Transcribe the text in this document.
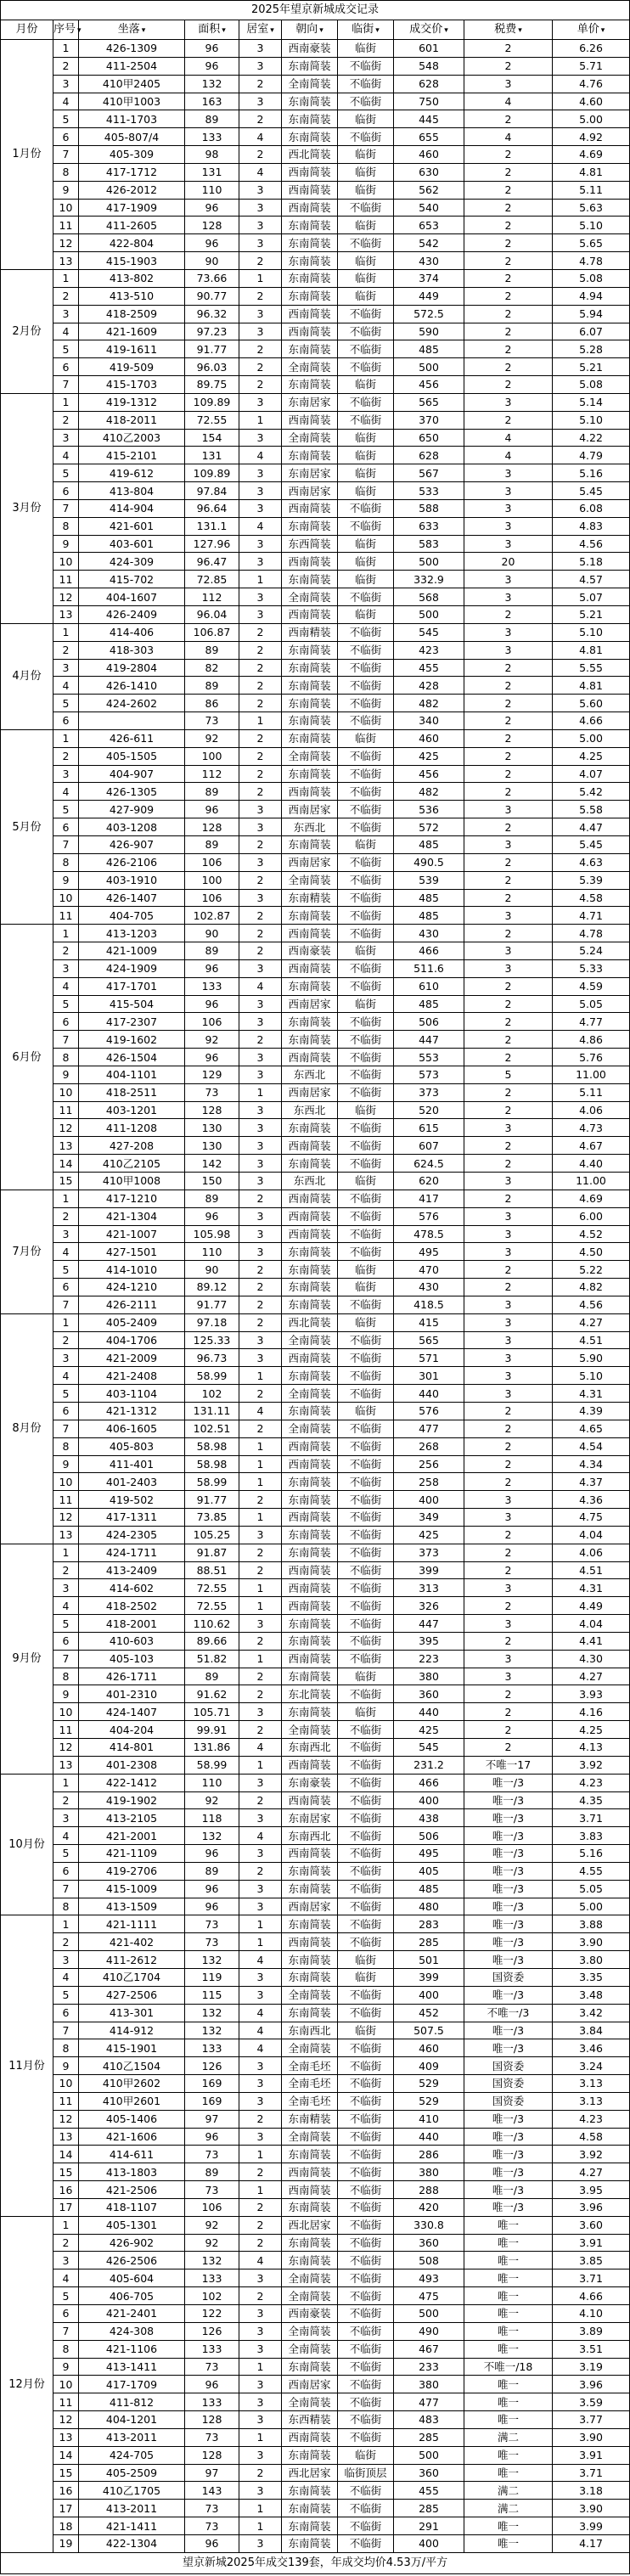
2025年望京新城成交记录									
月份	序号 ▾	坐落 ▾	面积 ▾	居室 ▾	朝向 ▾	临街 ▾	成交价 ▾	税费 ▾	单价 ▾
1月份	1	426-1309	96	3	西南豪装	临街	601	2	6.26
	2	411-2504	96	3	东南简装	不临街	548	2	5.71
	3	410甲2405	132	2	全南简装	不临街	628	3	4.76
	4	410甲1003	163	3	东南简装	不临街	750	4	4.60
	5	411-1703	89	2	东南简装	临街	445	2	5.00
	6	405-807/4	133	4	东南简装	不临街	655	4	4.92
	7	405-309	98	2	西北简装	临街	460	2	4.69
	8	417-1712	131	4	西南简装	临街	630	2	4.81
	9	426-2012	110	3	西南简装	临街	562	2	5.11
	10	417-1909	96	3	西南简装	不临街	540	2	5.63
	11	411-2605	128	3	东南简装	临街	653	2	5.10
	12	422-804	96	3	东南简装	不临街	542	2	5.65
	13	415-1903	90	2	东南简装	临街	430	2	4.78
2月份	1	413-802	73.66	1	东南简装	临街	374	2	5.08
	2	413-510	90.77	2	东南简装	临街	449	2	4.94
	3	418-2509	96.32	3	西南简装	不临街	572.5	2	5.94
	4	421-1609	97.23	3	西南简装	不临街	590	2	6.07
	5	419-1611	91.77	2	东南简装	不临街	485	2	5.28
	6	419-509	96.03	2	全南简装	不临街	500	2	5.21
	7	415-1703	89.75	2	东南简装	临街	456	2	5.08
3月份	1	419-1312	109.89	3	东南居家	不临街	565	3	5.14
	2	418-2011	72.55	1	西南简装	不临街	370	2	5.10
	3	410乙2003	154	3	全南简装	临街	650	4	4.22
	4	415-2101	131	4	东南简装	临街	628	4	4.79
	5	419-612	109.89	3	东南居家	临街	567	3	5.16
	6	413-804	97.84	3	西南居家	临街	533	3	5.45
	7	414-904	96.64	3	西南简装	不临街	588	3	6.08
	8	421-601	131.1	4	东南简装	不临街	633	3	4.83
	9	403-601	127.96	3	东西简装	临街	583	3	4.56
	10	424-309	96.47	3	西南简装	临街	500	20	5.18
	11	415-702	72.85	1	东南简装	临街	332.9	3	4.57
	12	404-1607	112	3	全南简装	不临街	568	3	5.07
	13	426-2409	96.04	3	西南简装	临街	500	2	5.21
4月份	1	414-406	106.87	2	西南精装	不临街	545	3	5.10
	2	418-303	89	2	东南简装	不临街	423	3	4.81
	3	419-2804	82	2	东南简装	不临街	455	2	5.55
	4	426-1410	89	2	东南简装	不临街	428	2	4.81
	5	424-2602	86	2	东南简装	不临街	482	2	5.60
	6		73	1	东南简装	不临街	340	2	4.66
5月份	1	426-611	92	2	东南简装	临街	460	2	5.00
	2	405-1505	100	2	全南简装	不临街	425	2	4.25
	3	404-907	112	2	东南简装	不临街	456	2	4.07
	4	426-1305	89	2	西南简装	不临街	482	2	5.42
	5	427-909	96	3	西南居家	不临街	536	3	5.58
	6	403-1208	128	3	东西北	不临街	572	2	4.47
	7	426-907	89	2	东南简装	临街	485	3	5.45
	8	426-2106	106	3	西南居家	不临街	490.5	2	4.63
	9	403-1910	100	2	全南简装	不临街	539	2	5.39
	10	426-1407	106	3	东南精装	不临街	485	2	4.58
	11	404-705	102.87	2	东南简装	不临街	485	3	4.71
6月份	1	413-1203	90	2	西南简装	不临街	430	2	4.78
	2	421-1009	89	2	西南豪装	临街	466	3	5.24
	3	424-1909	96	3	西南简装	不临街	511.6	3	5.33
	4	417-1701	133	4	东南简装	不临街	610	2	4.59
	5	415-504	96	3	西南居家	临街	485	2	5.05
	6	417-2307	106	3	东南简装	不临街	506	2	4.77
	7	419-1602	92	2	东南简装	不临街	447	2	4.86
	8	426-1504	96	3	西南简装	不临街	553	2	5.76
	9	404-1101	129	3	东西北	不临街	573	5	11.00
	10	418-2511	73	1	西南居家	不临街	373	2	5.11
	11	403-1201	128	3	东西北	临街	520	2	4.06
	12	411-1208	130	3	东南简装	不临街	615	3	4.73
	13	427-208	130	3	西南简装	不临街	607	2	4.67
	14	410乙2105	142	3	东南简装	不临街	624.5	2	4.40
	15	410甲1008	150	3	东西北	临街	620	3	11.00
7月份	1	417-1210	89	2	西南简装	不临街	417	2	4.69
	2	421-1304	96	3	西南简装	不临街	576	3	6.00
	3	421-1007	105.98	3	西南简装	不临街	478.5	3	4.52
	4	427-1501	110	3	东南简装	不临街	495	3	4.50
	5	414-1010	90	2	东南简装	临街	470	2	5.22
	6	424-1210	89.12	2	东南简装	临街	430	2	4.82
	7	426-2111	91.77	2	东南简装	不临街	418.5	3	4.56
8月份	1	405-2409	97.18	2	西北简装	临街	415	3	4.27
	2	404-1706	125.33	3	全南简装	不临街	565	3	4.51
	3	421-2009	96.73	3	西南简装	不临街	571	3	5.90
	4	421-2408	58.99	1	东南简装	不临街	301	3	5.10
	5	403-1104	102	2	全南简装	不临街	440	3	4.31
	6	421-1312	131.11	4	东南简装	临街	576	2	4.39
	7	406-1605	102.51	2	全南简装	不临街	477	2	4.65
	8	405-803	58.98	1	西南简装	不临街	268	2	4.54
	9	411-401	58.98	1	西南简装	不临街	256	2	4.34
	10	401-2403	58.99	1	东南简装	不临街	258	2	4.37
	11	419-502	91.77	2	东南简装	不临街	400	3	4.36
	12	417-1311	73.85	1	西南简装	不临街	349	3	4.75
	13	424-2305	105.25	3	东南简装	不临街	425	2	4.04
9月份	1	424-1711	91.87	2	东南简装	不临街	373	2	4.06
	2	413-2409	88.51	2	西南简装	不临街	399	2	4.51
	3	414-602	72.55	1	西南简装	不临街	313	3	4.31
	4	418-2502	72.55	1	西南简装	不临街	326	2	4.49
	5	418-2001	110.62	3	东南简装	不临街	447	3	4.04
	6	410-603	89.66	2	东南简装	不临街	395	2	4.41
	7	405-103	51.82	1	西南简装	不临街	223	3	4.30
	8	426-1711	89	2	东南简装	临街	380	3	4.27
	9	401-2310	91.62	2	东北简装	不临街	360	2	3.93
	10	424-1407	105.71	3	东南简装	临街	440	2	4.16
	11	404-204	99.91	2	全南简装	不临街	425	2	4.25
	12	414-801	131.86	4	东南西北	不临街	545	2	4.13
	13	401-2308	58.99	1	西南简装	不临街	231.2	不唯一17	3.92
10月份	1	422-1412	110	3	东南豪装	不临街	466	唯一/3	4.23
	2	419-1902	92	2	西南简装	不临街	400	唯一/3	4.35
	3	413-2105	118	3	东南居家	不临街	438	唯一/3	3.71
	4	421-2001	132	4	东南西北	不临街	506	唯一/3	3.83
	5	421-1109	96	3	西南简装	不临街	495	唯一/3	5.16
	6	419-2706	89	2	东南简装	不临街	405	唯一/3	4.55
	7	415-1009	96	3	东南简装	不临街	485	唯一/3	5.05
	8	413-1509	96	3	西南居家	不临街	480	唯一/3	5.00
11月份	1	421-1111	73	1	东南简装	不临街	283	唯一/3	3.88
	2	421-402	73	1	西南简装	不临街	285	唯一/3	3.90
	3	411-2612	132	4	东南简装	临街	501	唯一/3	3.80
	4	410乙1704	119	3	东南简装	临街	399	国资委	3.35
	5	427-2506	115	3	全南简装	不临街	400	唯一/3	3.48
	6	413-301	132	4	东南简装	不临街	452	不唯一/3	3.42
	7	414-912	132	4	东南西北	临街	507.5	唯一/3	3.84
	8	415-1901	133	4	全南简装	不临街	460	唯一/3	3.46
	9	410乙1504	126	3	全南毛坯	不临街	409	国资委	3.24
	10	410甲2602	169	3	全南毛坯	不临街	529	国资委	3.13
	11	410甲2601	169	3	全南毛坯	不临街	529	国资委	3.13
	12	405-1406	97	2	东南精装	不临街	410	唯一/3	4.23
	13	421-1606	96	3	全南简装	不临街	440	唯一/3	4.58
	14	414-611	73	1	东南简装	不临街	286	唯一/3	3.92
	15	413-1803	89	2	西南简装	不临街	380	唯一/3	4.27
	16	421-2506	73	1	西南简装	不临街	288	唯一/3	3.95
	17	418-1107	106	2	东南简装	不临街	420	唯一/3	3.96
12月份	1	405-1301	92	2	西北居家	不临街	330.8	唯一	3.60
	2	426-902	92	2	东南简装	不临街	360	唯一	3.91
	3	426-2506	132	4	东南简装	不临街	508	唯一	3.85
	4	405-604	133	3	全南简装	不临街	493	唯一	3.71
	5	406-705	102	2	全南简装	不临街	475	唯一	4.66
	6	421-2401	122	3	西南豪装	不临街	500	唯一	4.10
	7	424-308	126	3	全南简装	不临街	490	唯一	3.89
	8	421-1106	133	3	全南简装	不临街	467	唯一	3.51
	9	413-1411	73	1	东南简装	不临街	233	不唯一/18	3.19
	10	417-1709	96	3	西南居家	不临街	380	唯一	3.96
	11	411-812	133	3	全南简装	不临街	477	唯一	3.59
	12	404-1201	128	3	东西精装	不临街	483	唯一	3.77
	13	413-2011	73	1	西南简装	不临街	285	满二	3.90
	14	424-705	128	3	东南简装	临街	500	唯一	3.91
	15	405-2509	97	2	西北居家	临街顶层	360	唯一	3.71
	16	410乙1705	143	3	东南简装	不临街	455	满二	3.18
	17	413-2011	73	1	东南简装	不临街	285	满二	3.90
	18	421-1411	73	1	东南简装	不临街	291	唯一	3.99
	19	422-1304	96	3	东南简装	不临街	400	唯一	4.17
望京新城2025年成交139套，年成交均价4.53万/平方									
